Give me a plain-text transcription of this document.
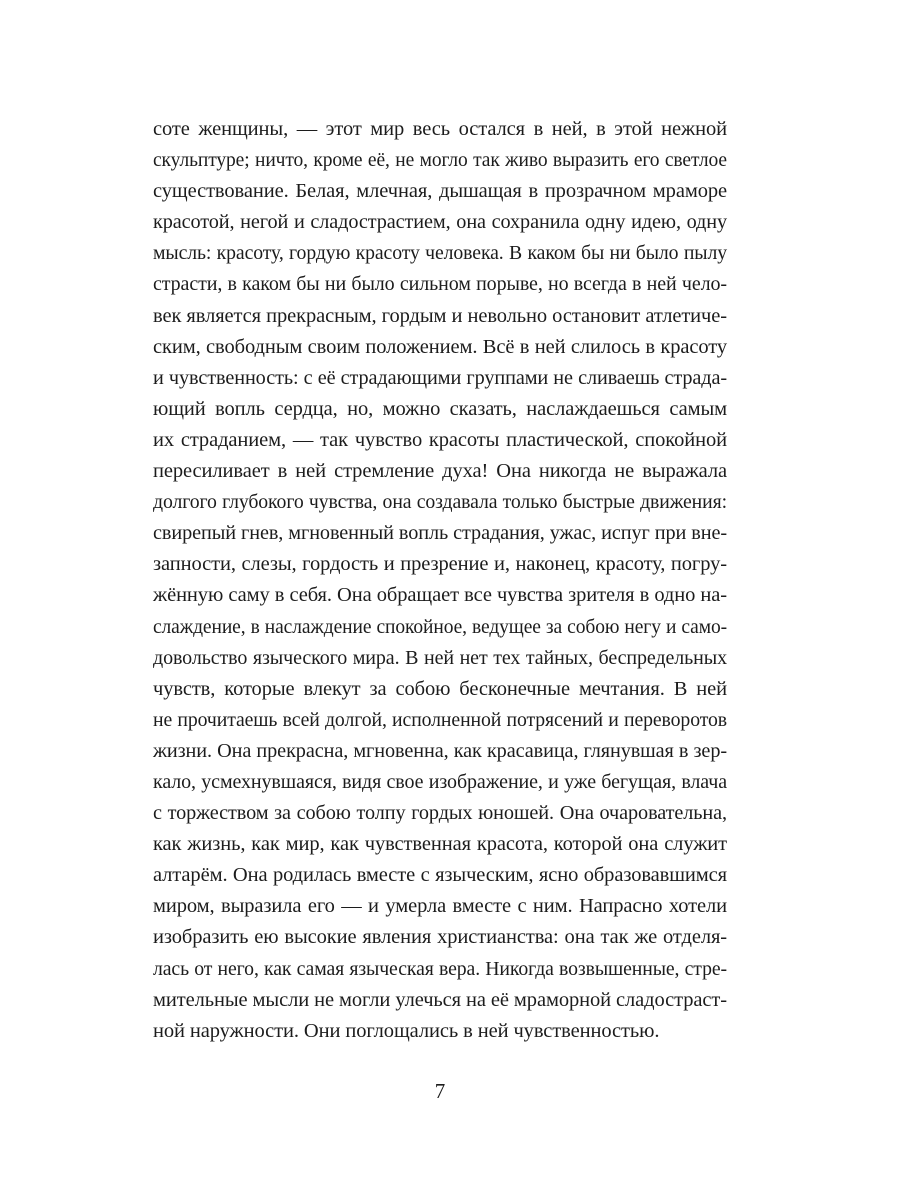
соте женщины, — этот мир весь остался в ней, в этой нежной
скульптуре; ничто, кроме её, не могло так живо выразить его светлое
существование. Белая, млечная, дышащая в прозрачном мраморе
красотой, негой и сладострастием, она сохранила одну идею, одну
мысль: красоту, гордую красоту человека. В каком бы ни было пылу
страсти, в каком бы ни было сильном порыве, но всегда в ней чело-
век является прекрасным, гордым и невольно остановит атлетиче-
ским, свободным своим положением. Всё в ней слилось в красоту
и чувственность: с её страдающими группами не сливаешь страда-
ющий вопль сердца, но, можно сказать, наслаждаешься самым
их страданием, — так чувство красоты пластической, спокойной
пересиливает в ней стремление духа! Она никогда не выражала
долгого глубокого чувства, она создавала только быстрые движения:
свирепый гнев, мгновенный вопль страдания, ужас, испуг при вне-
запности, слезы, гордость и презрение и, наконец, красоту, погру-
жённую саму в себя. Она обращает все чувства зрителя в одно на-
слаждение, в наслаждение спокойное, ведущее за собою негу и само-
довольство языческого мира. В ней нет тех тайных, беспредельных
чувств, которые влекут за собою бесконечные мечтания. В ней
не прочитаешь всей долгой, исполненной потрясений и переворотов
жизни. Она прекрасна, мгновенна, как красавица, глянувшая в зер-
кало, усмехнувшаяся, видя свое изображение, и уже бегущая, влача
с торжеством за собою толпу гордых юношей. Она очаровательна,
как жизнь, как мир, как чувственная красота, которой она служит
алтарём. Она родилась вместе с языческим, ясно образовавшимся
миром, выразила его — и умерла вместе с ним. Напрасно хотели
изобразить ею высокие явления христианства: она так же отделя-
лась от него, как самая языческая вера. Никогда возвышенные, стре-
мительные мысли не могли улечься на её мраморной сладостраст-
ной наружности. Они поглощались в ней чувственностью.
7
